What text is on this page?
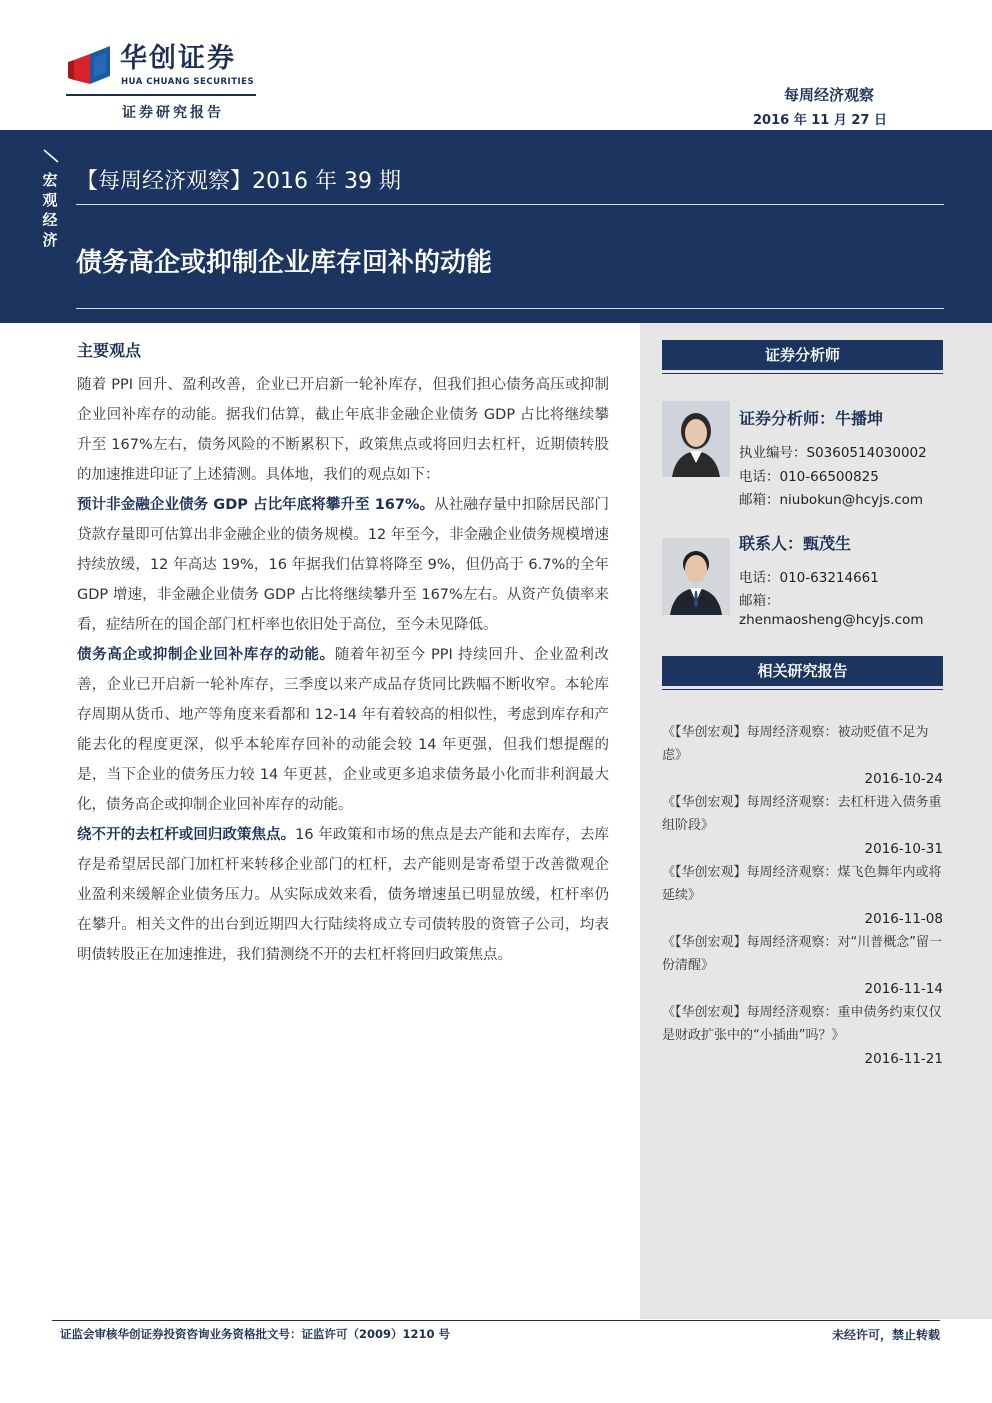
华创证券
HUA CHUANG SECURITIES
证券研究报告
每周经济观察
2016 年 11 月 27 日
宏观经济
【每周经济观察】2016 年 39 期
债务高企或抑制企业库存回补的动能
证券分析师
证券分析师：牛播坤
执业编号：S0360514030002
电话：010-66500825
邮箱：niubokun@hcyjs.com
联系人：甄茂生
电话：010-63214661
邮箱：
zhenmaosheng@hcyjs.com
相关研究报告
《【华创宏观】每周经济观察：被动贬值不足为虑》
2016-10-24
《【华创宏观】每周经济观察：去杠杆进入债务重组阶段》
2016-10-31
《【华创宏观】每周经济观察：煤飞色舞年内或将延续》
2016-11-08
《【华创宏观】每周经济观察：对“川普概念”留一份清醒》
2016-11-14
《【华创宏观】每周经济观察：重申债务约束仅仅是财政扩张中的“小插曲”吗？》
2016-11-21
主要观点

随着 PPI 回升、盈利改善，企业已开启新一轮补库存，但我们担心债务高压或抑制企业回补库存的动能。据我们估算，截止年底非金融企业债务 GDP 占比将继续攀升至 167%左右，债务风险的不断累积下，政策焦点或将回归去杠杆，近期债转股的加速推进印证了上述猜测。具体地，我们的观点如下：

预计非金融企业债务 GDP 占比年底将攀升至 167%。从社融存量中扣除居民部门贷款存量即可估算出非金融企业的债务规模。12 年至今，非金融企业债务规模增速持续放缓，12 年高达 19%，16 年据我们估算将降至 9%，但仍高于 6.7%的全年 GDP 增速，非金融企业债务 GDP 占比将继续攀升至 167%左右。从资产负债率来看，症结所在的国企部门杠杆率也依旧处于高位，至今未见降低。

债务高企或抑制企业回补库存的动能。随着年初至今 PPI 持续回升、企业盈利改善，企业已开启新一轮补库存，三季度以来产成品存货同比跌幅不断收窄。本轮库存周期从货币、地产等角度来看都和 12-14 年有着较高的相似性，考虑到库存和产能去化的程度更深，似乎本轮库存回补的动能会较 14 年更强，但我们想提醒的是，当下企业的债务压力较 14 年更甚，企业或更多追求债务最小化而非利润最大化，债务高企或抑制企业回补库存的动能。

绕不开的去杠杆或回归政策焦点。16 年政策和市场的焦点是去产能和去库存，去库存是希望居民部门加杠杆来转移企业部门的杠杆，去产能则是寄希望于改善微观企业盈利来缓解企业债务压力。从实际成效来看，债务增速虽已明显放缓，杠杆率仍在攀升。相关文件的出台到近期四大行陆续将成立专司债转股的资管子公司，均表明债转股正在加速推进，我们猜测绕不开的去杠杆将回归政策焦点。

证监会审核华创证券投资咨询业务资格批文号：证监许可（2009）1210 号	未经许可，禁止转载
